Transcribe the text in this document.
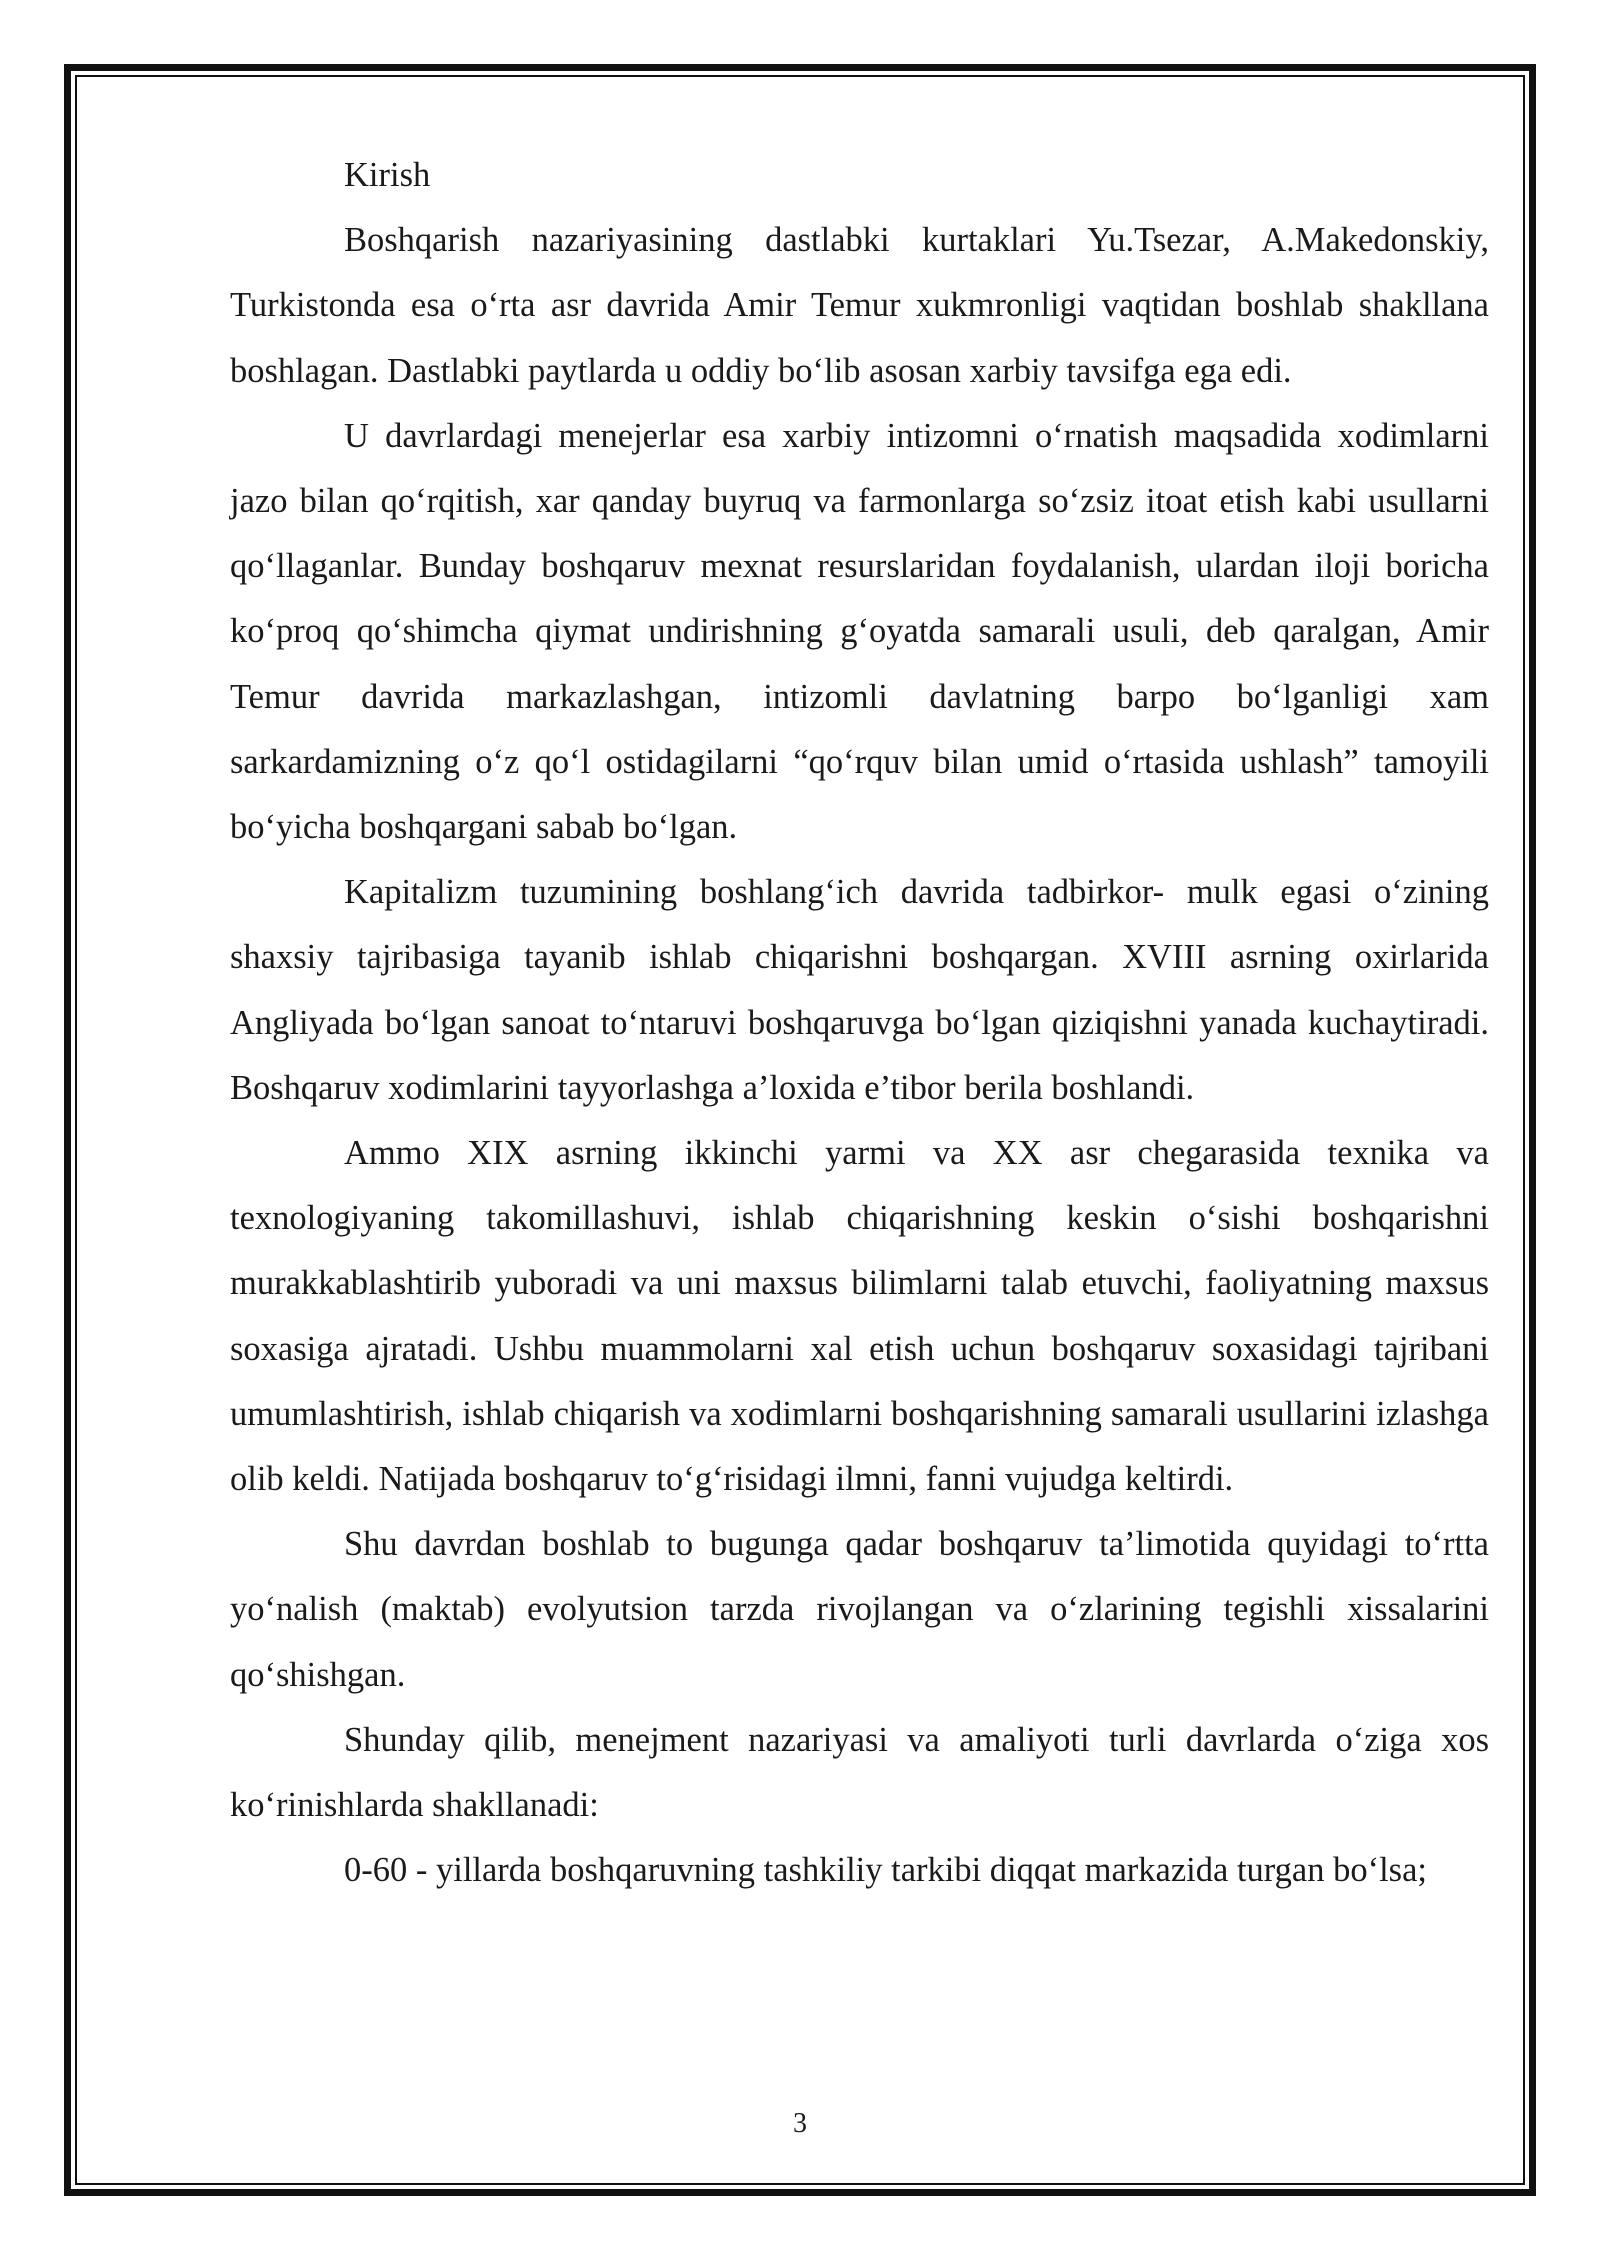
Kirish

Boshqarish nazariyasining dastlabki kurtaklari Yu.Tsezar, A.Makedonskiy, Turkistonda esa o‘rta asr davrida Amir Temur xukmronligi vaqtidan boshlab shakllana boshlagan. Dastlabki paytlarda u oddiy bo‘lib asosan xarbiy tavsifga ega edi.

U davrlardagi menejerlar esa xarbiy intizomni o‘rnatish maqsadida xodimlarni jazo bilan qo‘rqitish, xar qanday buyruq va farmonlarga so‘zsiz itoat etish kabi usullarni qo‘llaganlar. Bunday boshqaruv mexnat resurslaridan foydalanish, ulardan iloji boricha ko‘proq qo‘shimcha qiymat undirishning g‘oyatda samarali usuli, deb qaralgan, Amir Temur davrida markazlashgan, intizomli davlatning barpo bo‘lganligi xam sarkardamizning o‘z qo‘l ostidagilarni “qo‘rquv bilan umid o‘rtasida ushlash” tamoyili bo‘yicha boshqargani sabab bo‘lgan.

Kapitalizm tuzumining boshlang‘ich davrida tadbirkor- mulk egasi o‘zining shaxsiy tajribasiga tayanib ishlab chiqarishni boshqargan. XVIII asrning oxirlarida Angliyada bo‘lgan sanoat to‘ntaruvi boshqaruvga bo‘lgan qiziqishni yanada kuchaytiradi. Boshqaruv xodimlarini tayyorlashga a’loxida e’tibor berila boshlandi.

Ammo XIX asrning ikkinchi yarmi va XX asr chegarasida texnika va texnologiyaning takomillashuvi, ishlab chiqarishning keskin o‘sishi boshqarishni murakkablashtirib yuboradi va uni maxsus bilimlarni talab etuvchi, faoliyatning maxsus soxasiga ajratadi. Ushbu muammolarni xal etish uchun boshqaruv soxasidagi tajribani umumlashtirish, ishlab chiqarish va xodimlarni boshqarishning samarali usullarini izlashga olib keldi. Natijada boshqaruv to‘g‘risidagi ilmni, fanni vujudga keltirdi.

Shu davrdan boshlab to bugunga qadar boshqaruv ta’limotida quyidagi to‘rtta yo‘nalish (maktab) evolyutsion tarzda rivojlangan va o‘zlarining tegishli xissalarini qo‘shishgan.

Shunday qilib, menejment nazariyasi va amaliyoti turli davrlarda o‘ziga xos ko‘rinishlarda shakllanadi:

0-60 - yillarda boshqaruvning tashkiliy tarkibi diqqat markazida turgan bo‘lsa;

3
